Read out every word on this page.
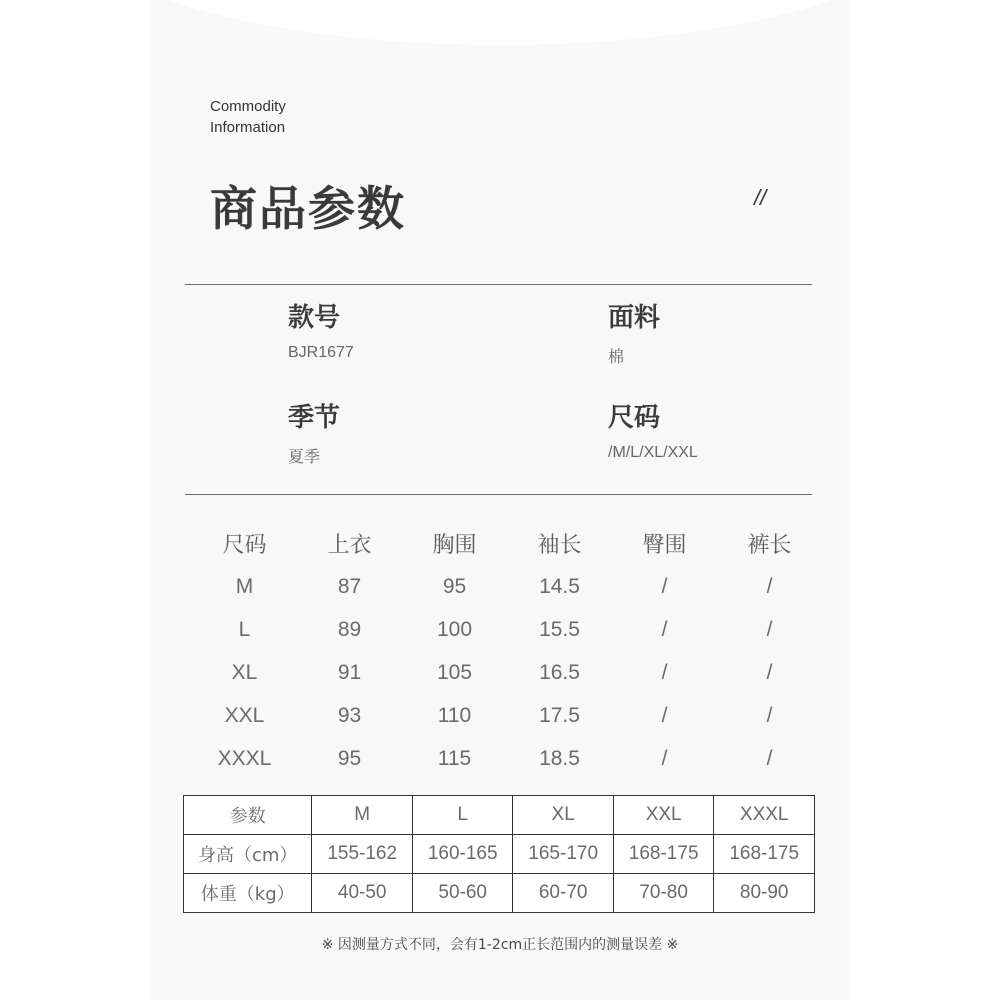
Commodity
Information
商品参数	//
款号
BJR1677
面料
棉
季节
夏季
尺码
/M/L/XL/XXL
尺码	上衣	胸围	袖长	臀围	裤长
M	87	95	14.5	/	/
L	89	100	15.5	/	/
XL	91	105	16.5	/	/
XXL	93	110	17.5	/	/
XXXL	95	115	18.5	/	/
参数	M	L	XL	XXL	XXXL
身高（cm）	155-162	160-165	165-170	168-175	168-175
体重（kg）	40-50	50-60	60-70	70-80	80-90
※ 因测量方式不同，会有1-2cm正长范围内的测量误差 ※
